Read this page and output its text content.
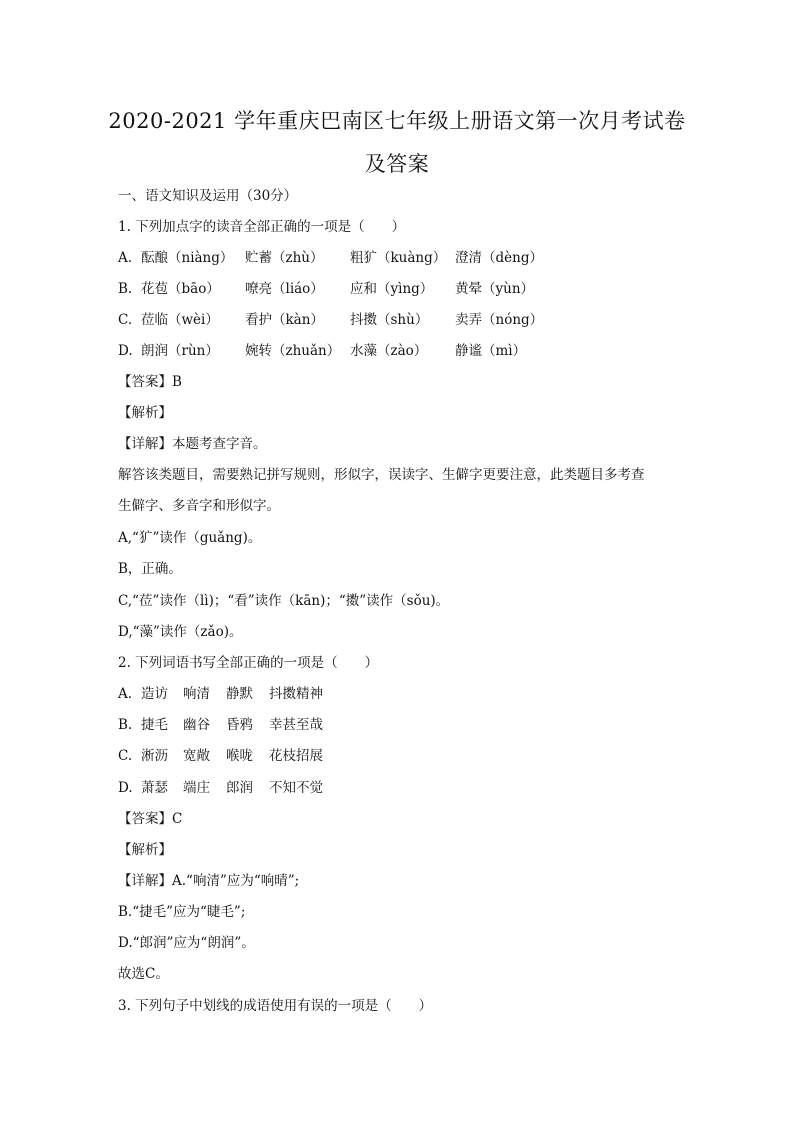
2020-2021 学年重庆巴南区七年级上册语文第一次月考试卷
及答案
一、语文知识及运用（30分）
1. 下列加点字的读音全部正确的一项是（　　）
A. 酝酿（niàng） 贮蓄（zhù） 粗犷（kuàng） 澄清（dèng）
B. 花苞（bāo） 嘹亮（liáo） 应和（yìng） 黄晕（yùn）
C. 莅临（wèi） 看护（kàn） 抖擞（shù） 卖弄（nóng）
D. 朗润（rùn） 婉转（zhuǎn） 水藻（zào） 静谧（mì）
【答案】B
【解析】
【详解】本题考查字音。
解答该类题目，需要熟记拼写规则，形似字，误读字、生僻字更要注意，此类题目多考查
生僻字、多音字和形似字。
A,“犷”读作（guǎng)。
B，正确。
C,“莅”读作（lì)；“看”读作（kān)；“擞”读作（sǒu)。
D,“藻”读作（zǎo)。
2. 下列词语书写全部正确的一项是（　　）
A. 造访 响清 静默 抖擞精神
B. 捷毛 幽谷 昏鸦 幸甚至哉
C. 淅沥 宽敞 喉咙 花枝招展
D. 萧瑟 端庄 郎润 不知不觉
【答案】C
【解析】
【详解】A.“响清”应为“响晴”;
B.“捷毛”应为“睫毛”;
D.“郎润”应为“朗润”。
故选C。
3. 下列句子中划线的成语使用有误的一项是（　　）
